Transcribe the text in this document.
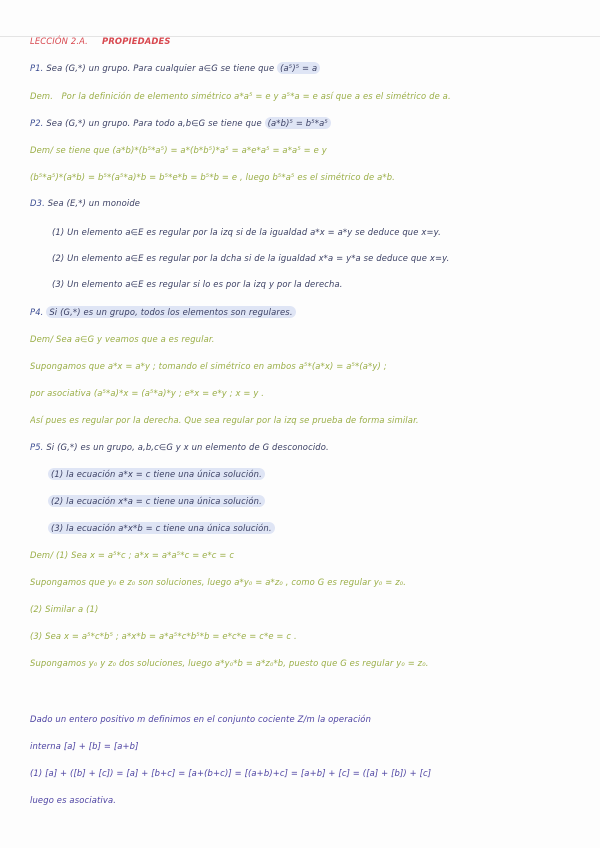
LECCIÓN 2.A. PROPIEDADES
P1. Sea (G,*) un grupo. Para cualquier a∈G se tiene que (a⁵)⁵ = a
Dem. Por la definición de elemento simétrico a*a⁵ = e y a⁵*a = e así que a es el simétrico de a.
P2. Sea (G,*) un grupo. Para todo a,b∈G se tiene que (a*b)⁵ = b⁵*a⁵
Dem/ se tiene que (a*b)*(b⁵*a⁵) = a*(b*b⁵)*a⁵ = a*e*a⁵ = a*a⁵ = e y
(b⁵*a⁵)*(a*b) = b⁵*(a⁵*a)*b = b⁵*e*b = b⁵*b = e , luego b⁵*a⁵ es el simétrico de a*b.
D3. Sea (E,*) un monoide
(1) Un elemento a∈E es regular por la izq si de la igualdad a*x = a*y se deduce que x=y.
(2) Un elemento a∈E es regular por la dcha si de la igualdad x*a = y*a se deduce que x=y.
(3) Un elemento a∈E es regular si lo es por la izq y por la derecha.
P4. Si (G,*) es un grupo, todos los elementos son regulares.
Dem/ Sea a∈G y veamos que a es regular.
Supongamos que a*x = a*y ; tomando el simétrico en ambos a⁵*(a*x) = a⁵*(a*y) ;
por asociativa (a⁵*a)*x = (a⁵*a)*y ; e*x = e*y ; x = y .
Así pues es regular por la derecha. Que sea regular por la izq se prueba de forma similar.
P5. Si (G,*) es un grupo, a,b,c∈G y x un elemento de G desconocido.
(1) la ecuación a*x = c tiene una única solución.
(2) la ecuación x*a = c tiene una única solución.
(3) la ecuación a*x*b = c tiene una única solución.
Dem/ (1) Sea x = a⁵*c ; a*x = a*a⁵*c = e*c = c
Supongamos que y₀ e z₀ son soluciones, luego a*y₀ = a*z₀ , como G es regular y₀ = z₀.
(2) Similar a (1)
(3) Sea x = a⁵*c*b⁵ ; a*x*b = a*a⁵*c*b⁵*b = e*c*e = c*e = c .
Supongamos y₀ y z₀ dos soluciones, luego a*y₀*b = a*z₀*b, puesto que G es regular y₀ = z₀.
Dado un entero positivo m definimos en el conjunto cociente Z/m la operación
interna [a] + [b] = [a+b]
(1) [a] + ([b] + [c]) = [a] + [b+c] = [a+(b+c)] = [(a+b)+c] = [a+b] + [c] = ([a] + [b]) + [c]
luego es asociativa.
